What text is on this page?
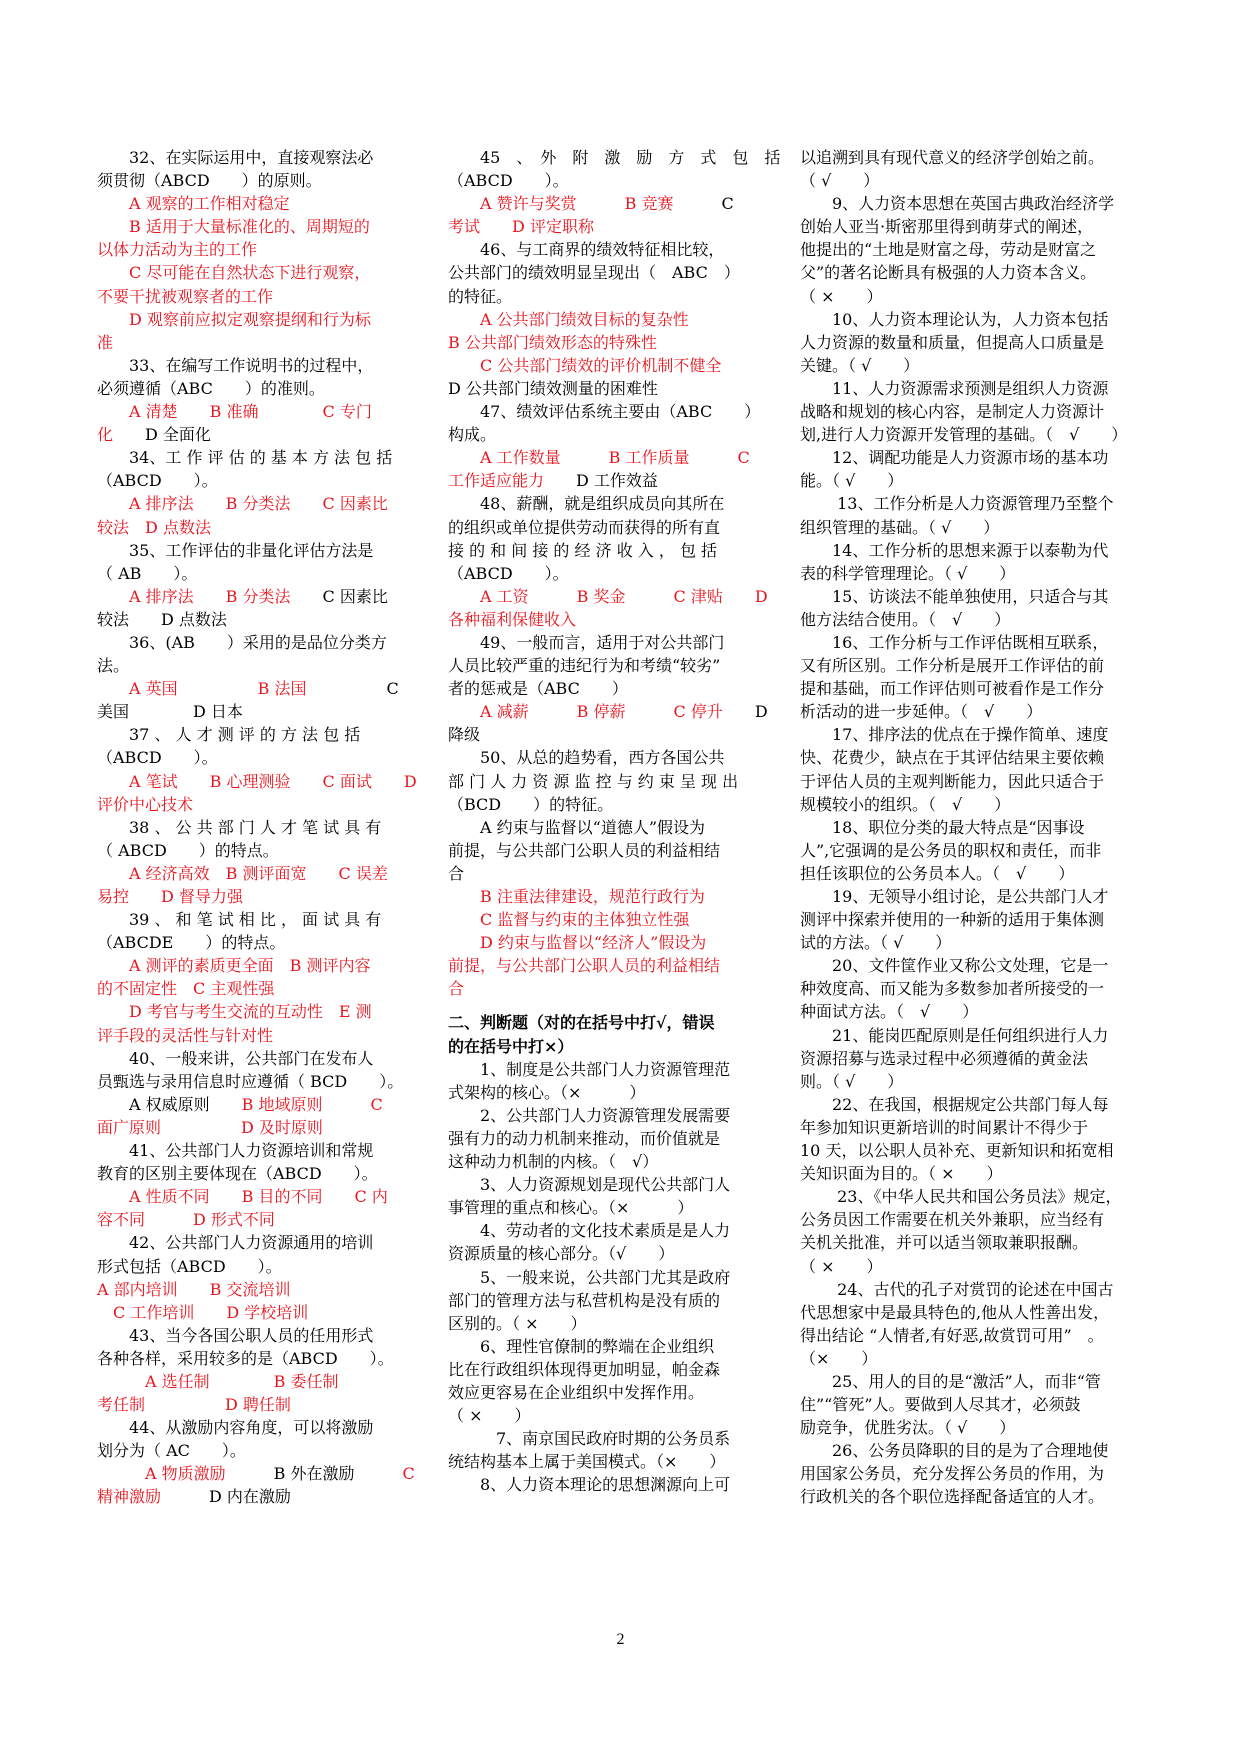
　　32、在实际运用中，直接观察法必
须贯彻（ABCD　　）的原则。
　　A 观察的工作相对稳定
　　B 适用于大量标准化的、周期短的
以体力活动为主的工作
　　C 尽可能在自然状态下进行观察，
不要干扰被观察者的工作
　　D 观察前应拟定观察提纲和行为标
准
　　33、在编写工作说明书的过程中，
必须遵循（ABC　　）的准则。
　　A 清楚　　B 准确　　　　C 专门
化　　D 全面化
　　34、工 作 评 估 的 基 本 方 法 包 括
（ABCD　　）。
　　A 排序法　　B 分类法　　C 因素比
较法　 D 点数法
　　35、工作评估的非量化评估方法是
（ AB　　）。
　　A 排序法　　B 分类法　　C 因素比
较法　　D 点数法
　　36、(AB　　）采用的是品位分类方
法。
　　A 英国　　　　　B 法国　　　　　C
美国　　　　D 日本
　　37 、 人 才 测 评 的 方 法 包 括
（ABCD　　）。
　　A 笔试　　B 心理测验　　C 面试　　D
评价中心技术
　　38 、 公 共 部 门 人 才 笔 试 具 有
（ ABCD　　）的特点。
　　A 经济高效　B 测评面宽　　C 误差
易控　　D 督导力强
　　39 、 和 笔 试 相 比 ， 面 试 具 有
（ABCDE　　）的特点。
　　A 测评的素质更全面　B 测评内容
的不固定性　C 主观性强
　　D 考官与考生交流的互动性　E 测
评手段的灵活性与针对性
　　40、一般来讲，公共部门在发布人
员甄选与录用信息时应遵循（ BCD　　）。
　　A 权威原则　　B 地域原则　　　C
面广原则　　　　　D 及时原则
　　41、公共部门人力资源培训和常规
教育的区别主要体现在（ABCD　　）。
　　A 性质不同　　B 目的不同　　C 内
容不同　　　D 形式不同
　　42、公共部门人力资源通用的培训
形式包括（ABCD　　）。
A 部内培训　　B 交流培训
　C 工作培训　　D 学校培训
　　43、当今各国公职人员的任用形式
各种各样，采用较多的是（ABCD　　）。
　　　A 选任制　　　　B 委任制
考任制　　　　　D 聘任制
　　44、从激励内容角度，可以将激励
划分为（ AC　　）。
　　　A 物质激励　　　B 外在激励　　　C
精神激励　　　D 内在激励
　　45　、　外　附　激　励　方　式　包　括
（ABCD　　）。
　　A 赞许与奖赏　　　B 竞赛　　　C
考试　　 D 评定职称
　　46、与工商界的绩效特征相比较，
公共部门的绩效明显呈现出（　ABC　）
的特征。
　　A 公共部门绩效目标的复杂性
B 公共部门绩效形态的特殊性
　　C 公共部门绩效的评价机制不健全
D 公共部门绩效测量的困难性
　　47、绩效评估系统主要由（ABC　　）
构成。
　　A 工作数量　　　B 工作质量　　　C
工作适应能力　　D 工作效益
　　48、薪酬，就是组织成员向其所在
的组织或单位提供劳动而获得的所有直
接 的 和 间 接 的 经 济 收 入 ， 包 括
（ABCD　　）。
　　A 工资　　　B 奖金　　　C 津贴　　D
各种福利保健收入
　　49、一般而言，适用于对公共部门
人员比较严重的违纪行为和考绩“较劣”
者的惩戒是（ABC　　）
　　A 减薪　　　B 停薪　　　C 停升　　D
降级
　　50、从总的趋势看，西方各国公共
部 门 人 力 资 源 监 控 与 约 束 呈 现 出
（BCD　　）的特征。
　　A 约束与监督以“道德人”假设为
前提，与公共部门公职人员的利益相结
合
　　B 注重法律建设，规范行政行为
　　C 监督与约束的主体独立性强
　　D 约束与监督以“经济人”假设为
前提，与公共部门公职人员的利益相结
合
二、判断题（对的在括号中打√，错误
的在括号中打×）
　　1、制度是公共部门人力资源管理范
式架构的核心。（×　　　）
　　2、公共部门人力资源管理发展需要
强有力的动力机制来推动，而价值就是
这种动力机制的内核。（　√）
　　3、人力资源规划是现代公共部门人
事管理的重点和核心。（×　　　）
　　4、劳动者的文化技术素质是是人力
资源质量的核心部分。（√　　）
　　5、一般来说，公共部门尤其是政府
部门的管理方法与私营机构是没有质的
区别的。（ ×　　）
　　6、理性官僚制的弊端在企业组织
比在行政组织体现得更加明显，帕金森
效应更容易在企业组织中发挥作用。
（ ×　　）
　　　7、南京国民政府时期的公务员系
统结构基本上属于美国模式。（×　　）
　　8、人力资本理论的思想渊源向上可
以追溯到具有现代意义的经济学创始之前。
（ √　　）
　　9、人力资本思想在英国古典政治经济学
创始人亚当·斯密那里得到萌芽式的阐述，
他提出的“土地是财富之母，劳动是财富之
父”的著名论断具有极强的人力资本含义。
（ ×　　）
　　10、人力资本理论认为，人力资本包括
人力资源的数量和质量，但提高人口质量是
关键。（ √　　）
　　11、人力资源需求预测是组织人力资源
战略和规划的核心内容，是制定人力资源计
划,进行人力资源开发管理的基础。（　√　　）
　　12、调配功能是人力资源市场的基本功
能。（ √　　）
　　 13、工作分析是人力资源管理乃至整个
组织管理的基础。（ √　　）
　　14、工作分析的思想来源于以泰勒为代
表的科学管理理论。（ √　　）
　　15、访谈法不能单独使用，只适合与其
他方法结合使用。（　√　　）
　　16、工作分析与工作评估既相互联系，
又有所区别。工作分析是展开工作评估的前
提和基础，而工作评估则可被看作是工作分
析活动的进一步延伸。（　√　　）
　　17、排序法的优点在于操作简单、速度
快、花费少，缺点在于其评估结果主要依赖
于评估人员的主观判断能力，因此只适合于
规模较小的组织。（　√　　）
　　18、职位分类的最大特点是“因事设
人”,它强调的是公务员的职权和责任，而非
担任该职位的公务员本人。（　√　　）
　　19、无领导小组讨论，是公共部门人才
测评中探索并使用的一种新的适用于集体测
试的方法。（ √　　）
　　20、文件筐作业又称公文处理，它是一
种效度高、而又能为多数参加者所接受的一
种面试方法。（　√　　）
　　21、能岗匹配原则是任何组织进行人力
资源招募与选录过程中必须遵循的黄金法
则。（ √　　）
　　22、在我国，根据规定公共部门每人每
年参加知识更新培训的时间累计不得少于
10 天，以公职人员补充、更新知识和拓宽相
关知识面为目的。（ ×　　）
　　 23、《中华人民共和国公务员法》规定，
公务员因工作需要在机关外兼职，应当经有
关机关批准，并可以适当领取兼职报酬。
（ ×　　）
　　 24、古代的孔子对赏罚的论述在中国古
代思想家中是最具特色的,他从人性善出发，
得出结论 “人情者,有好恶,故赏罚可用”　。
（×　　）
　　25、用人的目的是“激活”人，而非“管
住”“管死”人。要做到人尽其才，必须鼓
励竞争，优胜劣汰。（ √　　）
　　26、公务员降职的目的是为了合理地使
用国家公务员，充分发挥公务员的作用，为
行政机关的各个职位选择配备适宜的人才。
2
